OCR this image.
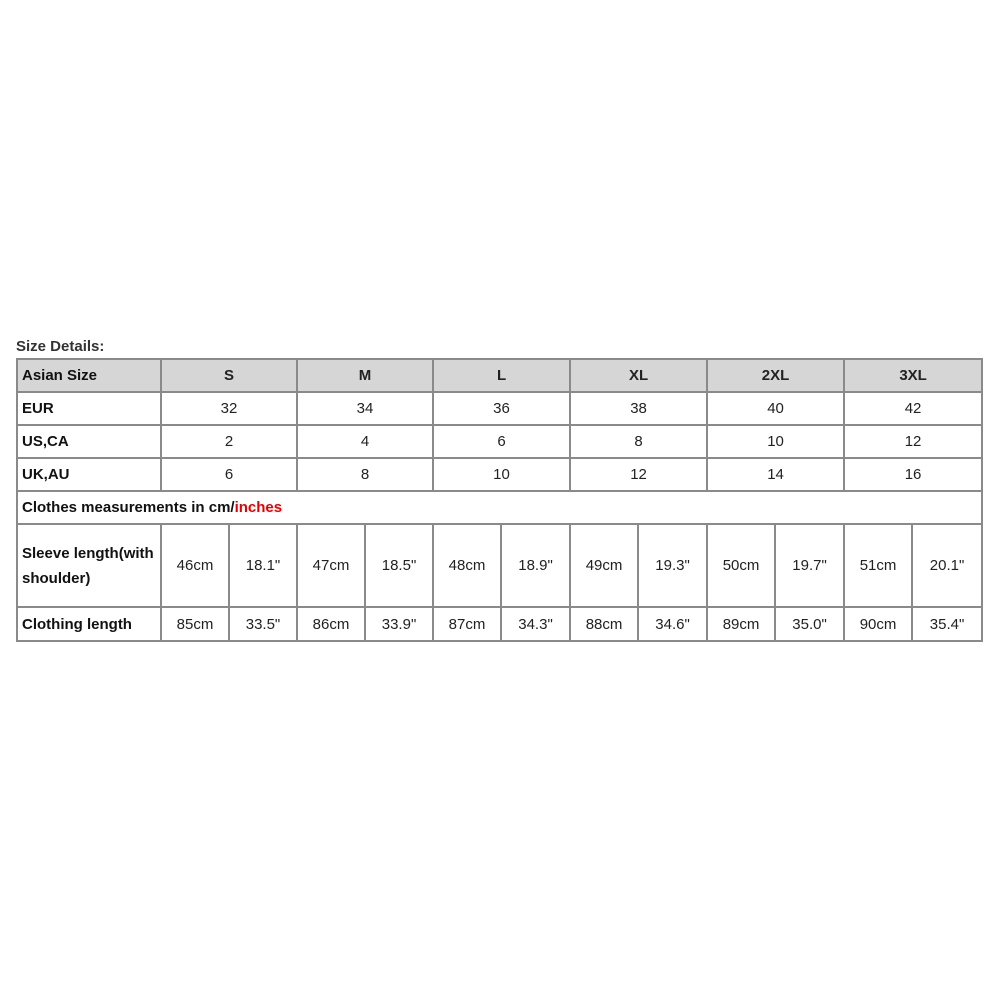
Size Details:
Asian Size	S		M		L		XL		2XL		3XL	
EUR	32		34		36		38		40		42	
US,CA	2		4		6		8		10		12	
UK,AU	6		8		10		12		14		16	
Clothes measurements in cm/inches												
Sleeve length(with shoulder)	46cm	18.1"	47cm	18.5"	48cm	18.9"	49cm	19.3"	50cm	19.7"	51cm	20.1"
Clothing length	85cm	33.5"	86cm	33.9"	87cm	34.3"	88cm	34.6"	89cm	35.0"	90cm	35.4"
